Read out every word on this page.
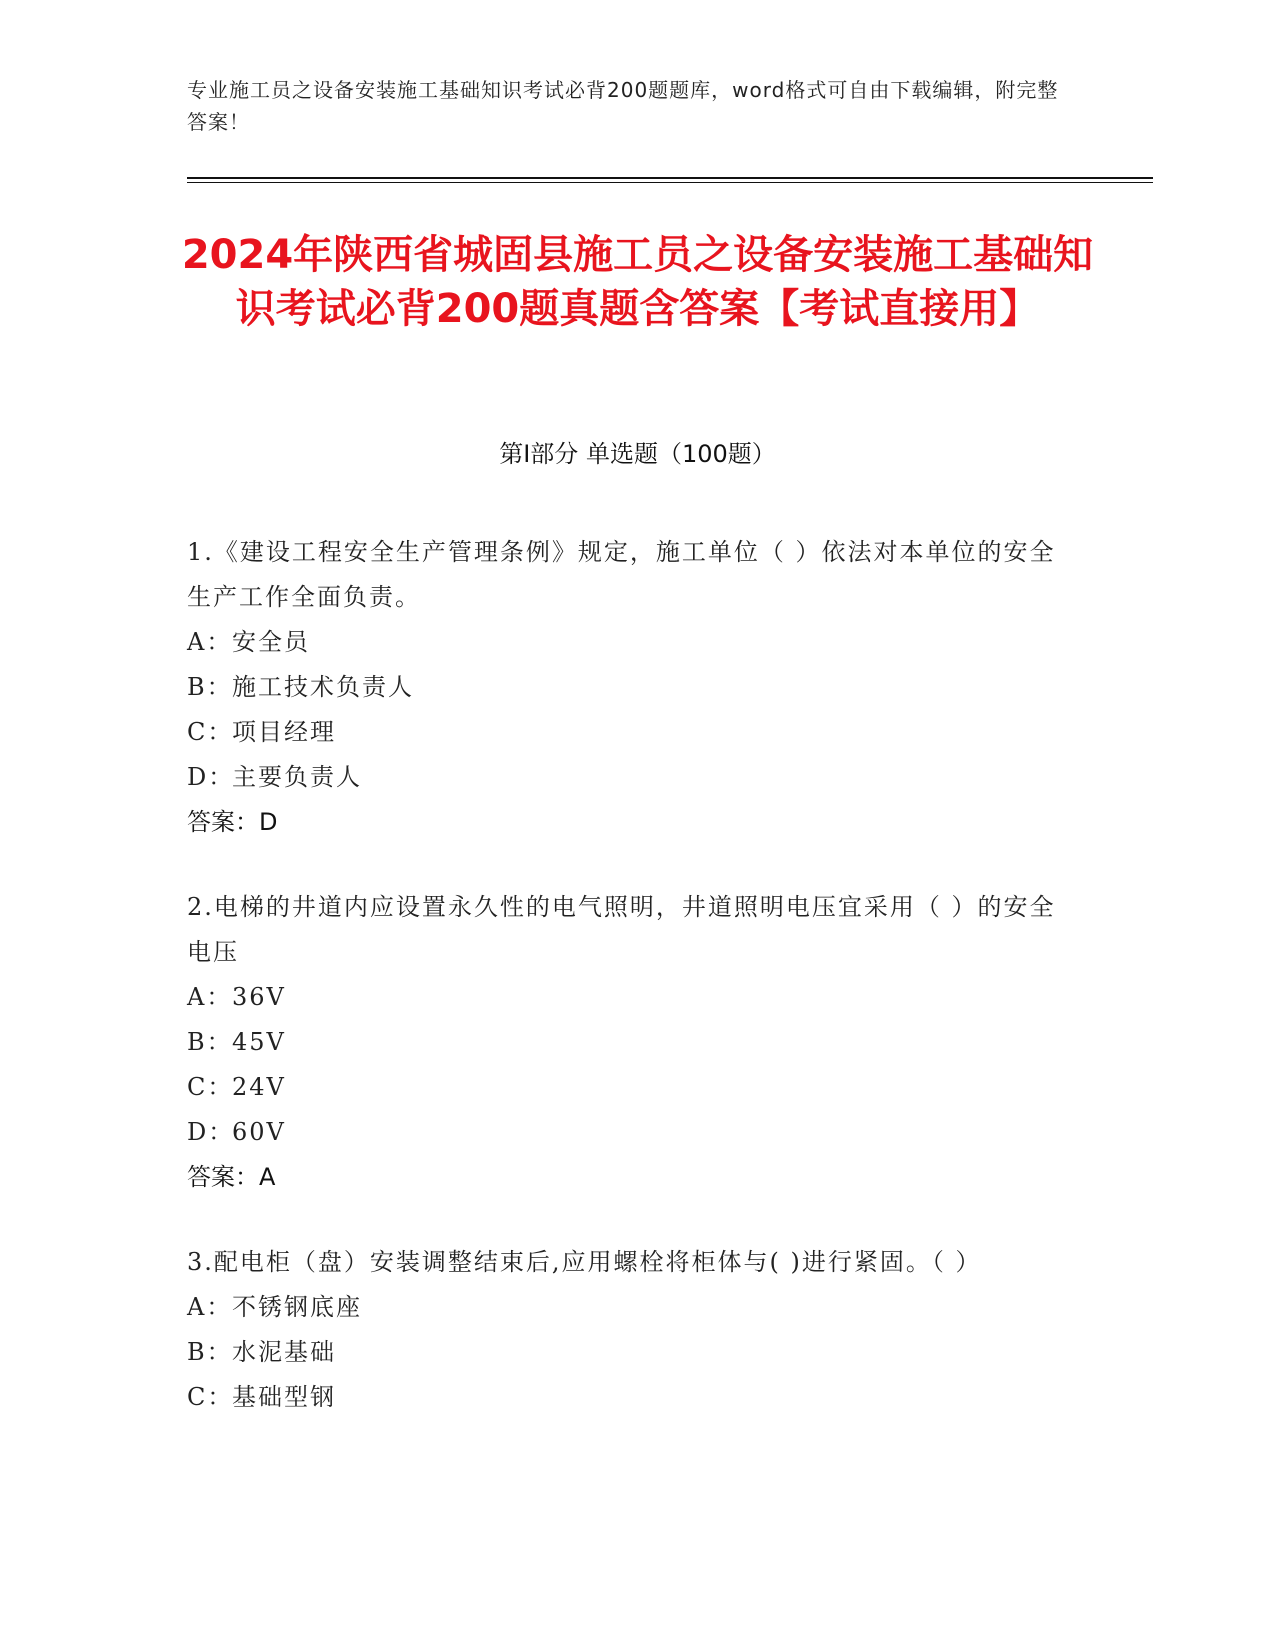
专业施工员之设备安装施工基础知识考试必背200题题库，word格式可自由下载编辑，附完整答案！
2024年陕西省城固县施工员之设备安装施工基础知识考试必背200题真题含答案【考试直接用】
第I部分 单选题（100题）

1.《建设工程安全生产管理条例》规定，施工单位（ ）依法对本单位的安全生产工作全面负责。

A： 安全员

B： 施工技术负责人

C：
项目经理

D：
主要负责人

答案： D

2.电梯的井道内应设置永久性的电气照明，井道照明电压宜采用（ ）的安全电压

A： 36V

B： 45V

C：
24V

D：
60V

答案： A

3.配电柜（盘）安装调整结束后,应用螺栓将柜体与( )进行紧固。（ ）

A： 不锈钢底座

B： 水泥基础

C：
基础型钢
